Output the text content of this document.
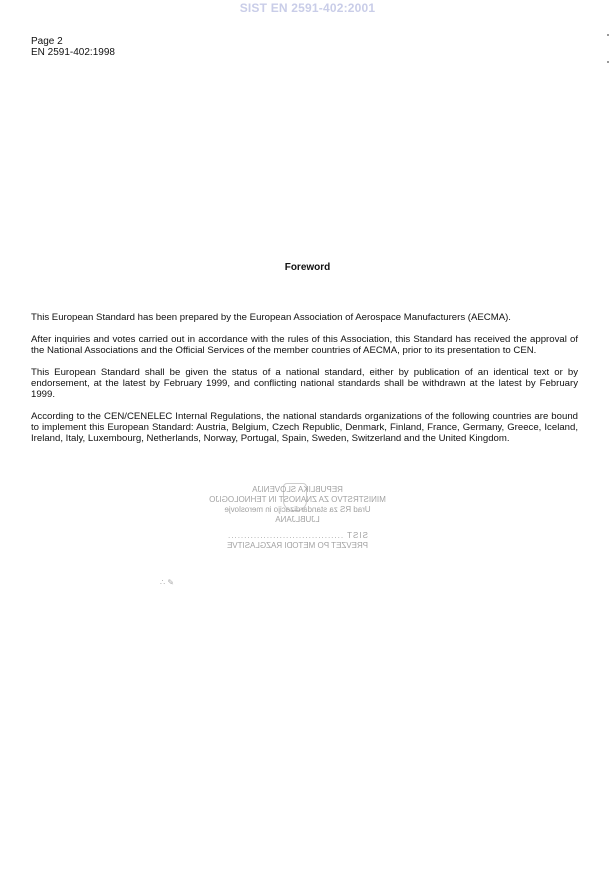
SIST EN 2591-402:2001
Page 2
EN 2591-402:1998
Foreword

This European Standard has been prepared by the European Association of Aerospace Manufacturers (AECMA).

After inquiries and votes carried out in accordance with the rules of this Association, this Standard has received the approval of the National Associations and the Official Services of the member countries of AECMA, prior to its presentation to CEN.

This European Standard shall be given the status of a national standard, either by publication of an identical text or by endorsement, at the latest by February 1999, and conflicting national standards shall be withdrawn at the latest by February 1999.

According to the CEN/CENELEC Internal Regulations, the national standards organizations of the following countries are bound to implement this European Standard: Austria, Belgium, Czech Republic, Denmark, Finland, France, Germany, Greece, Iceland, Ireland, Italy, Luxembourg, Netherlands, Norway, Portugal, Spain, Sweden, Switzerland and the United Kingdom.

REPUBLIKA SLOVENIJA
MINISTRSTVO ZA ZNANOST IN TEHNOLOGIJO
Urad RS za standardizacijo in meroslovje
LJUBLJANA
SIST ....................................
PREVZET PO METODI RAZGLASITVE
∴ ✎
